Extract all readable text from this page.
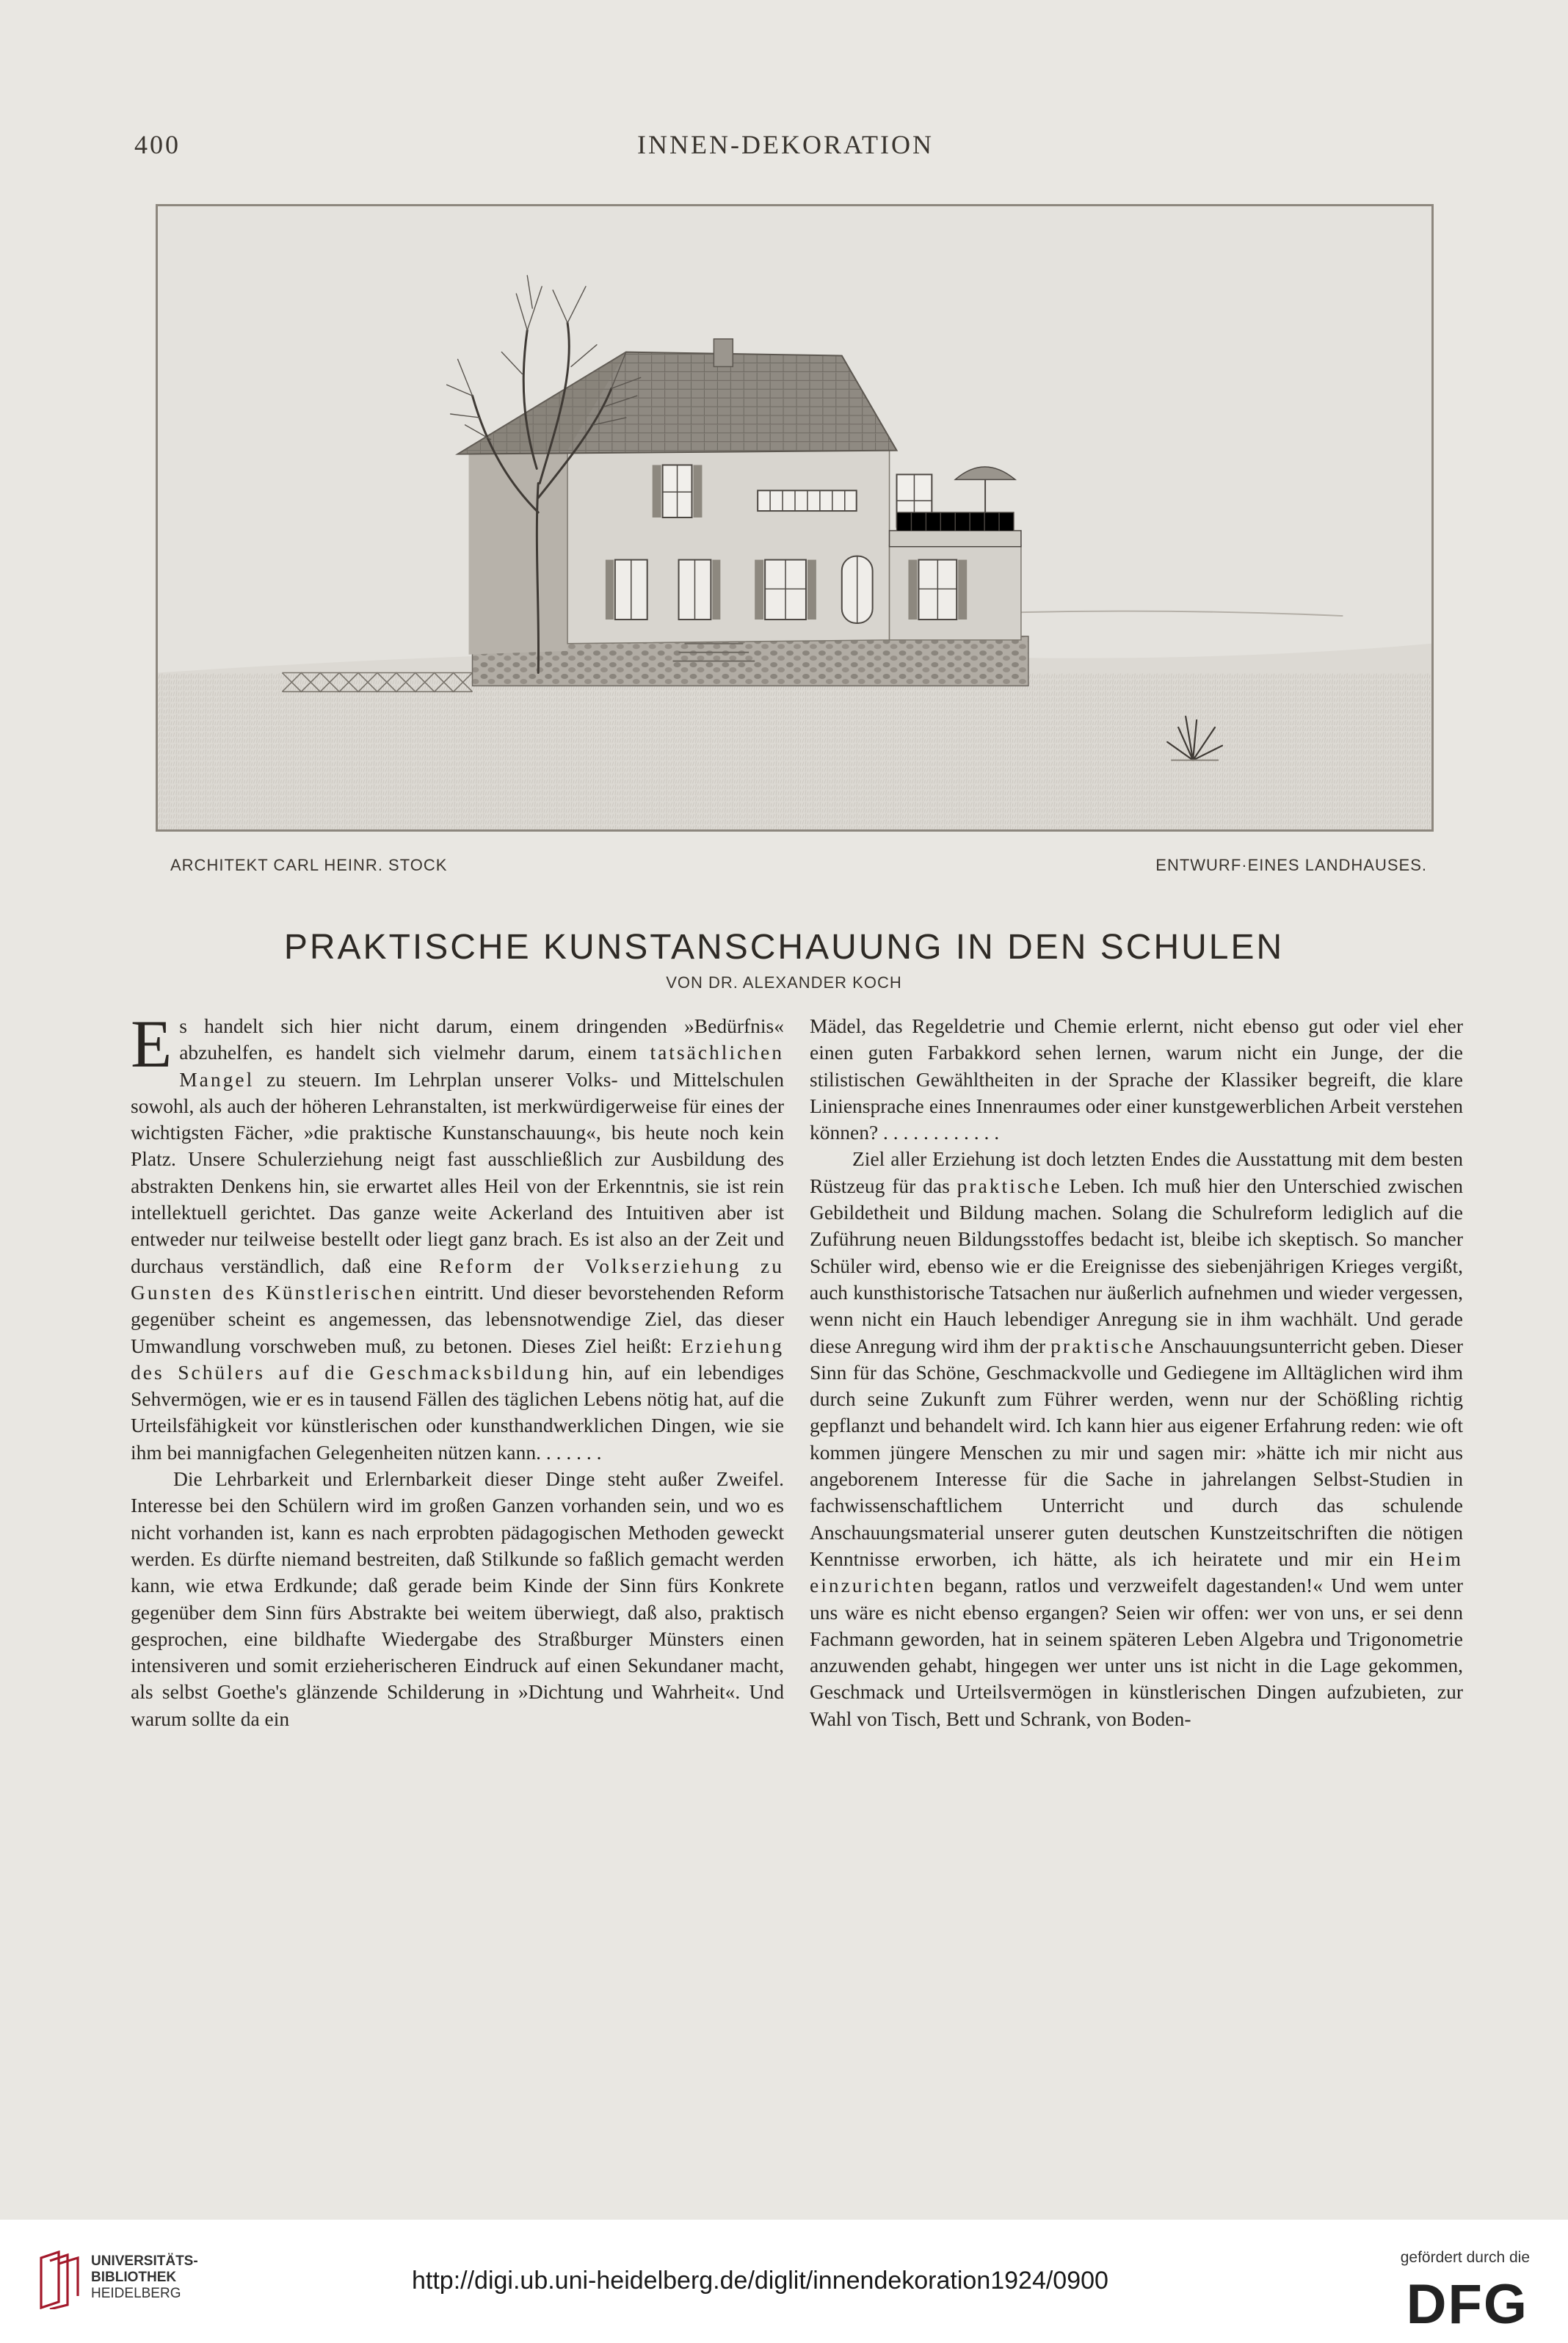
400	INNEN-DEKORATION
ARCHITEKT CARL HEINR. STOCK	ENTWURF·EINES LANDHAUSES.
PRAKTISCHE KUNSTANSCHAUUNG IN DEN SCHULEN
VON DR. ALEXANDER KOCH

Es handelt sich hier nicht darum, einem dringenden »Bedürfnis« abzuhelfen, es handelt sich vielmehr darum, einem tatsächlichen Mangel zu steuern. Im Lehrplan unserer Volks- und Mittelschulen sowohl, als auch der höheren Lehranstalten, ist merkwürdigerweise für eines der wichtigsten Fächer, »die praktische Kunstanschauung«, bis heute noch kein Platz. Unsere Schulerziehung neigt fast ausschließlich zur Ausbildung des abstrakten Denkens hin, sie erwartet alles Heil von der Erkenntnis, sie ist rein intellektuell gerichtet. Das ganze weite Ackerland des Intuitiven aber ist entweder nur teilweise bestellt oder liegt ganz brach. Es ist also an der Zeit und durchaus verständlich, daß eine Reform der Volkserziehung zu Gunsten des Künstlerischen eintritt. Und dieser bevorstehenden Reform gegenüber scheint es angemessen, das lebensnotwendige Ziel, das dieser Umwandlung vorschweben muß, zu betonen. Dieses Ziel heißt: Erziehung des Schülers auf die Geschmacksbildung hin, auf ein lebendiges Sehvermögen, wie er es in tausend Fällen des täglichen Lebens nötig hat, auf die Urteilsfähigkeit vor künstlerischen oder kunsthandwerklichen Dingen, wie sie ihm bei mannigfachen Gelegenheiten nützen kann. . . . . . .

Die Lehrbarkeit und Erlernbarkeit dieser Dinge steht außer Zweifel. Interesse bei den Schülern wird im großen Ganzen vorhanden sein, und wo es nicht vorhanden ist, kann es nach erprobten pädagogischen Methoden geweckt werden. Es dürfte niemand bestreiten, daß Stilkunde so faßlich gemacht werden kann, wie etwa Erdkunde; daß gerade beim Kinde der Sinn fürs Konkrete gegenüber dem Sinn fürs Abstrakte bei weitem überwiegt, daß also, praktisch gesprochen, eine bildhafte Wiedergabe des Straßburger Münsters einen intensiveren und somit erzieherischeren Eindruck auf einen Sekundaner macht, als selbst Goethe's glänzende Schilderung in »Dichtung und Wahrheit«. Und warum sollte da ein

Mädel, das Regeldetrie und Chemie erlernt, nicht ebenso gut oder viel eher einen guten Farbakkord sehen lernen, warum nicht ein Junge, der die stilistischen Gewähltheiten in der Sprache der Klassiker begreift, die klare Liniensprache eines Innenraumes oder einer kunstgewerblichen Arbeit verstehen können? . . . . . . . . . . . .

Ziel aller Erziehung ist doch letzten Endes die Ausstattung mit dem besten Rüstzeug für das praktische Leben. Ich muß hier den Unterschied zwischen Gebildetheit und Bildung machen. Solang die Schulreform lediglich auf die Zuführung neuen Bildungsstoffes bedacht ist, bleibe ich skeptisch. So mancher Schüler wird, ebenso wie er die Ereignisse des siebenjährigen Krieges vergißt, auch kunsthistorische Tatsachen nur äußerlich aufnehmen und wieder vergessen, wenn nicht ein Hauch lebendiger Anregung sie in ihm wachhält. Und gerade diese Anregung wird ihm der praktische Anschauungsunterricht geben. Dieser Sinn für das Schöne, Geschmackvolle und Gediegene im Alltäglichen wird ihm durch seine Zukunft zum Führer werden, wenn nur der Schößling richtig gepflanzt und behandelt wird. Ich kann hier aus eigener Erfahrung reden: wie oft kommen jüngere Menschen zu mir und sagen mir: »hätte ich mir nicht aus angeborenem Interesse für die Sache in jahrelangen Selbst-Studien in fachwissenschaftlichem Unterricht und durch das schulende Anschauungsmaterial unserer guten deutschen Kunstzeitschriften die nötigen Kenntnisse erworben, ich hätte, als ich heiratete und mir ein Heim einzurichten begann, ratlos und verzweifelt dagestanden!« Und wem unter uns wäre es nicht ebenso ergangen? Seien wir offen: wer von uns, er sei denn Fachmann geworden, hat in seinem späteren Leben Algebra und Trigonometrie anzuwenden gehabt, hingegen wer unter uns ist nicht in die Lage gekommen, Geschmack und Urteilsvermögen in künstlerischen Dingen aufzubieten, zur Wahl von Tisch, Bett und Schrank, von Boden-

UNIVERSITÄTS-
BIBLIOTHEK
HEIDELBERG	http://digi.ub.uni-heidelberg.de/diglit/innendekoration1924/0900
gefördert durch die
DFG
